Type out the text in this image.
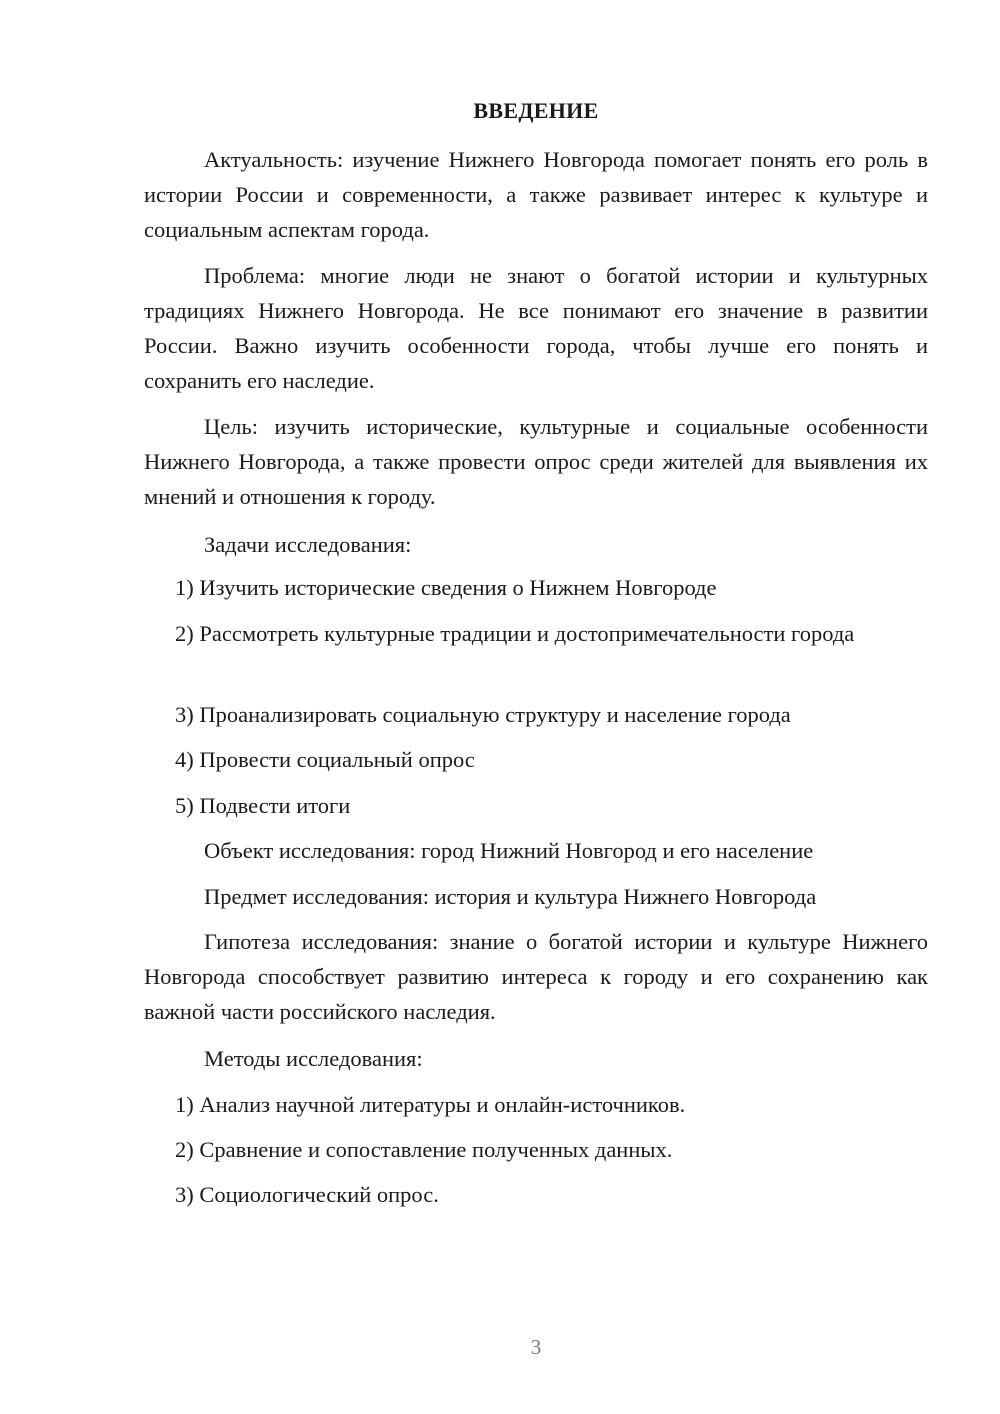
ВВЕДЕНИЕ

Актуальность: изучение Нижнего Новгорода помогает понять его роль в истории России и современности, а также развивает интерес к культуре и социальным аспектам города.

Проблема: многие люди не знают о богатой истории и культурных традициях Нижнего Новгорода. Не все понимают его значение в развитии России. Важно изучить особенности города, чтобы лучше его понять и сохранить его наследие.

Цель: изучить исторические, культурные и социальные особенности Нижнего Новгорода, а также провести опрос среди жителей для выявления их мнений и отношения к городу.

Задачи исследования:

1) Изучить исторические сведения о Нижнем Новгороде

2) Рассмотреть культурные традиции и достопримечательности города

3) Проанализировать социальную структуру и население города

4) Провести социальный опрос

5) Подвести итоги

Объект исследования: город Нижний Новгород и его население

Предмет исследования: история и культура Нижнего Новгорода

Гипотеза исследования: знание о богатой истории и культуре Нижнего Новгорода способствует развитию интереса к городу и его сохранению как важной части российского наследия.

Методы исследования:

1) Анализ научной литературы и онлайн-источников.

2) Сравнение и сопоставление полученных данных.

3) Социологический опрос.

3
